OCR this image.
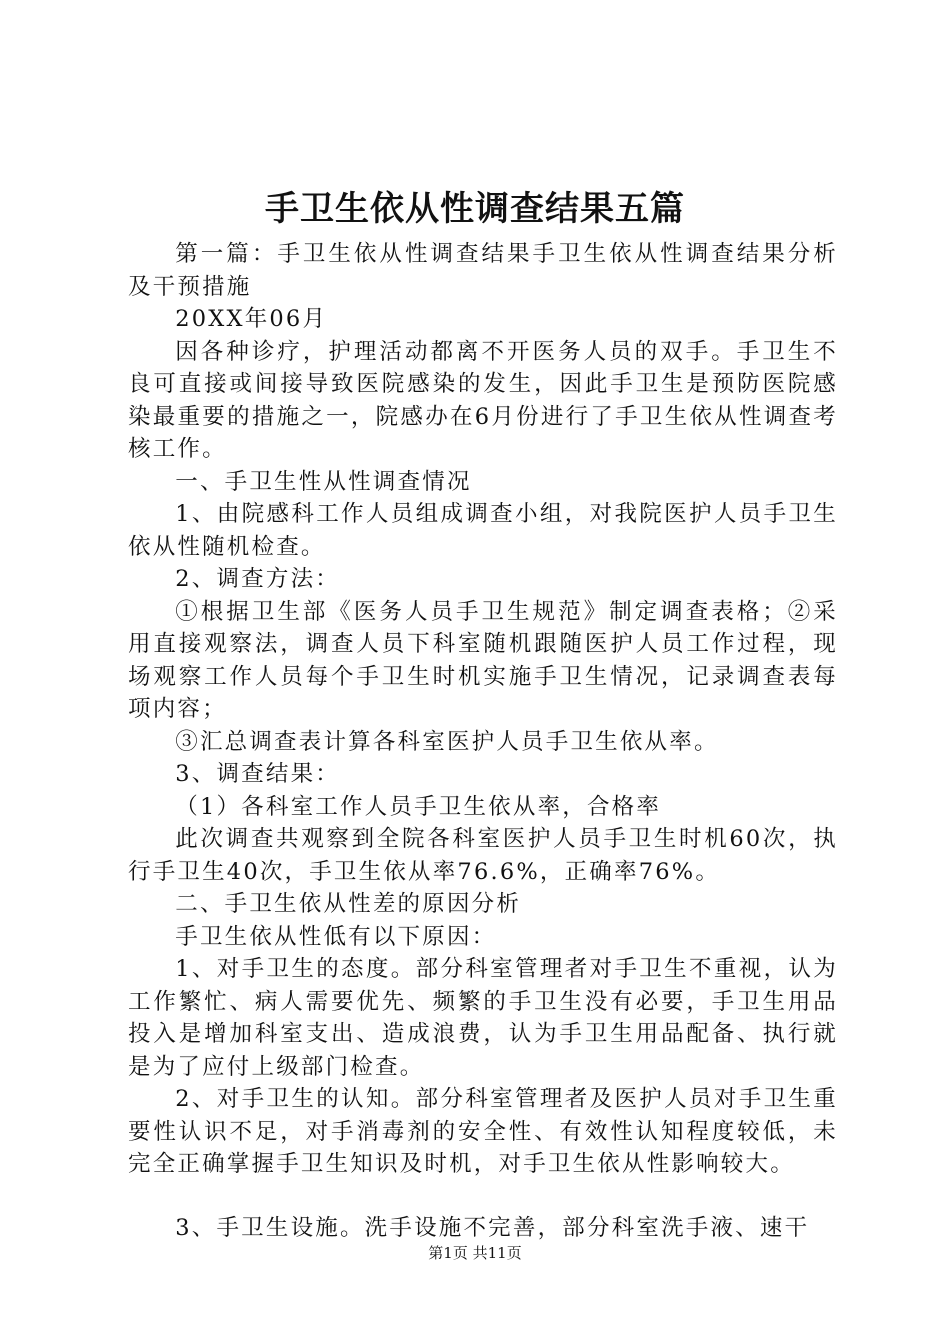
手卫生依从性调查结果五篇

第一篇：手卫生依从性调查结果手卫生依从性调查结果分析及干预措施

20XX年06月

因各种诊疗，护理活动都离不开医务人员的双手。手卫生不良可直接或间接导致医院感染的发生，因此手卫生是预防医院感染最重要的措施之一，院感办在6月份进行了手卫生依从性调查考核工作。

一、手卫生性从性调查情况

1、由院感科工作人员组成调查小组，对我院医护人员手卫生依从性随机检查。

2、调查方法：

①根据卫生部《医务人员手卫生规范》制定调查表格；②采用直接观察法，调查人员下科室随机跟随医护人员工作过程，现场观察工作人员每个手卫生时机实施手卫生情况，记录调查表每项内容；

③汇总调查表计算各科室医护人员手卫生依从率。

3、调查结果：

（1）各科室工作人员手卫生依从率，合格率

此次调查共观察到全院各科室医护人员手卫生时机60次，执行手卫生40次，手卫生依从率76.6%，正确率76%。

二、手卫生依从性差的原因分析

手卫生依从性低有以下原因：

1、对手卫生的态度。部分科室管理者对手卫生不重视，认为工作繁忙、病人需要优先、频繁的手卫生没有必要，手卫生用品投入是增加科室支出、造成浪费，认为手卫生用品配备、执行就是为了应付上级部门检查。

2、对手卫生的认知。部分科室管理者及医护人员对手卫生重要性认识不足，对手消毒剂的安全性、有效性认知程度较低，未完全正确掌握手卫生知识及时机，对手卫生依从性影响较大。

3、手卫生设施。洗手设施不完善，部分科室洗手液、速干

第1页 共11页
